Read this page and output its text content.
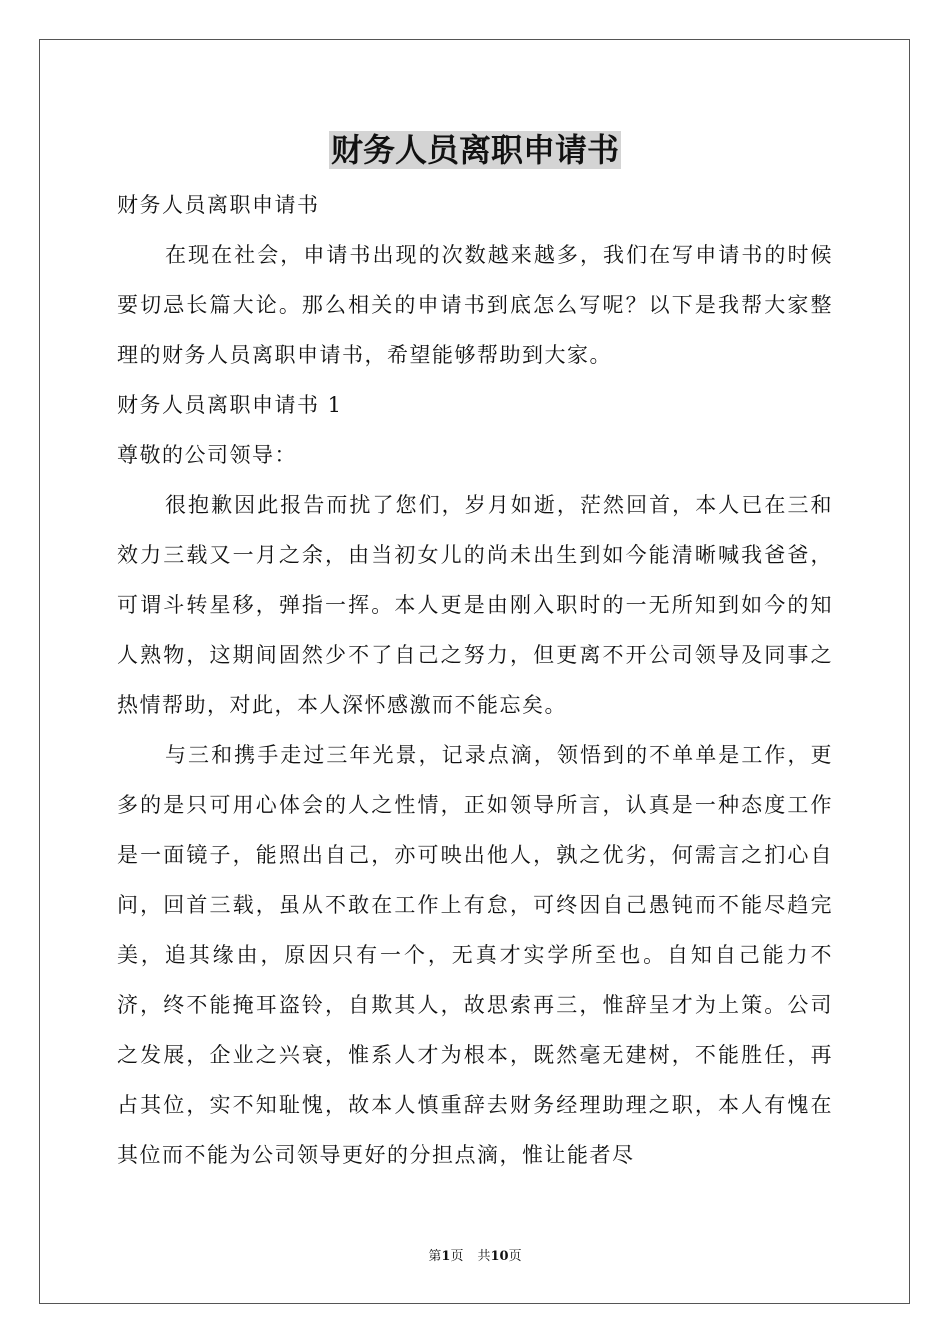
财务人员离职申请书

财务人员离职申请书

在现在社会，申请书出现的次数越来越多，我们在写申请书的时候要切忌长篇大论。那么相关的申请书到底怎么写呢？以下是我帮大家整理的财务人员离职申请书，希望能够帮助到大家。

财务人员离职申请书 1

尊敬的公司领导：

很抱歉因此报告而扰了您们，岁月如逝，茫然回首，本人已在三和效力三载又一月之余，由当初女儿的尚未出生到如今能清晰喊我爸爸，可谓斗转星移，弹指一挥。本人更是由刚入职时的一无所知到如今的知人熟物，这期间固然少不了自己之努力，但更离不开公司领导及同事之热情帮助，对此，本人深怀感激而不能忘矣。

与三和携手走过三年光景，记录点滴，领悟到的不单单是工作，更多的是只可用心体会的人之性情，正如领导所言，认真是一种态度工作是一面镜子，能照出自己，亦可映出他人，孰之优劣，何需言之扪心自问，回首三载，虽从不敢在工作上有怠，可终因自己愚钝而不能尽趋完美，追其缘由，原因只有一个，无真才实学所至也。自知自己能力不济，终不能掩耳盗铃，自欺其人，故思索再三，惟辞呈才为上策。公司之发展，企业之兴衰，惟系人才为根本，既然毫无建树，不能胜任，再占其位，实不知耻愧，故本人慎重辞去财务经理助理之职，本人有愧在其位而不能为公司领导更好的分担点滴，惟让能者尽

第1页 共10页
